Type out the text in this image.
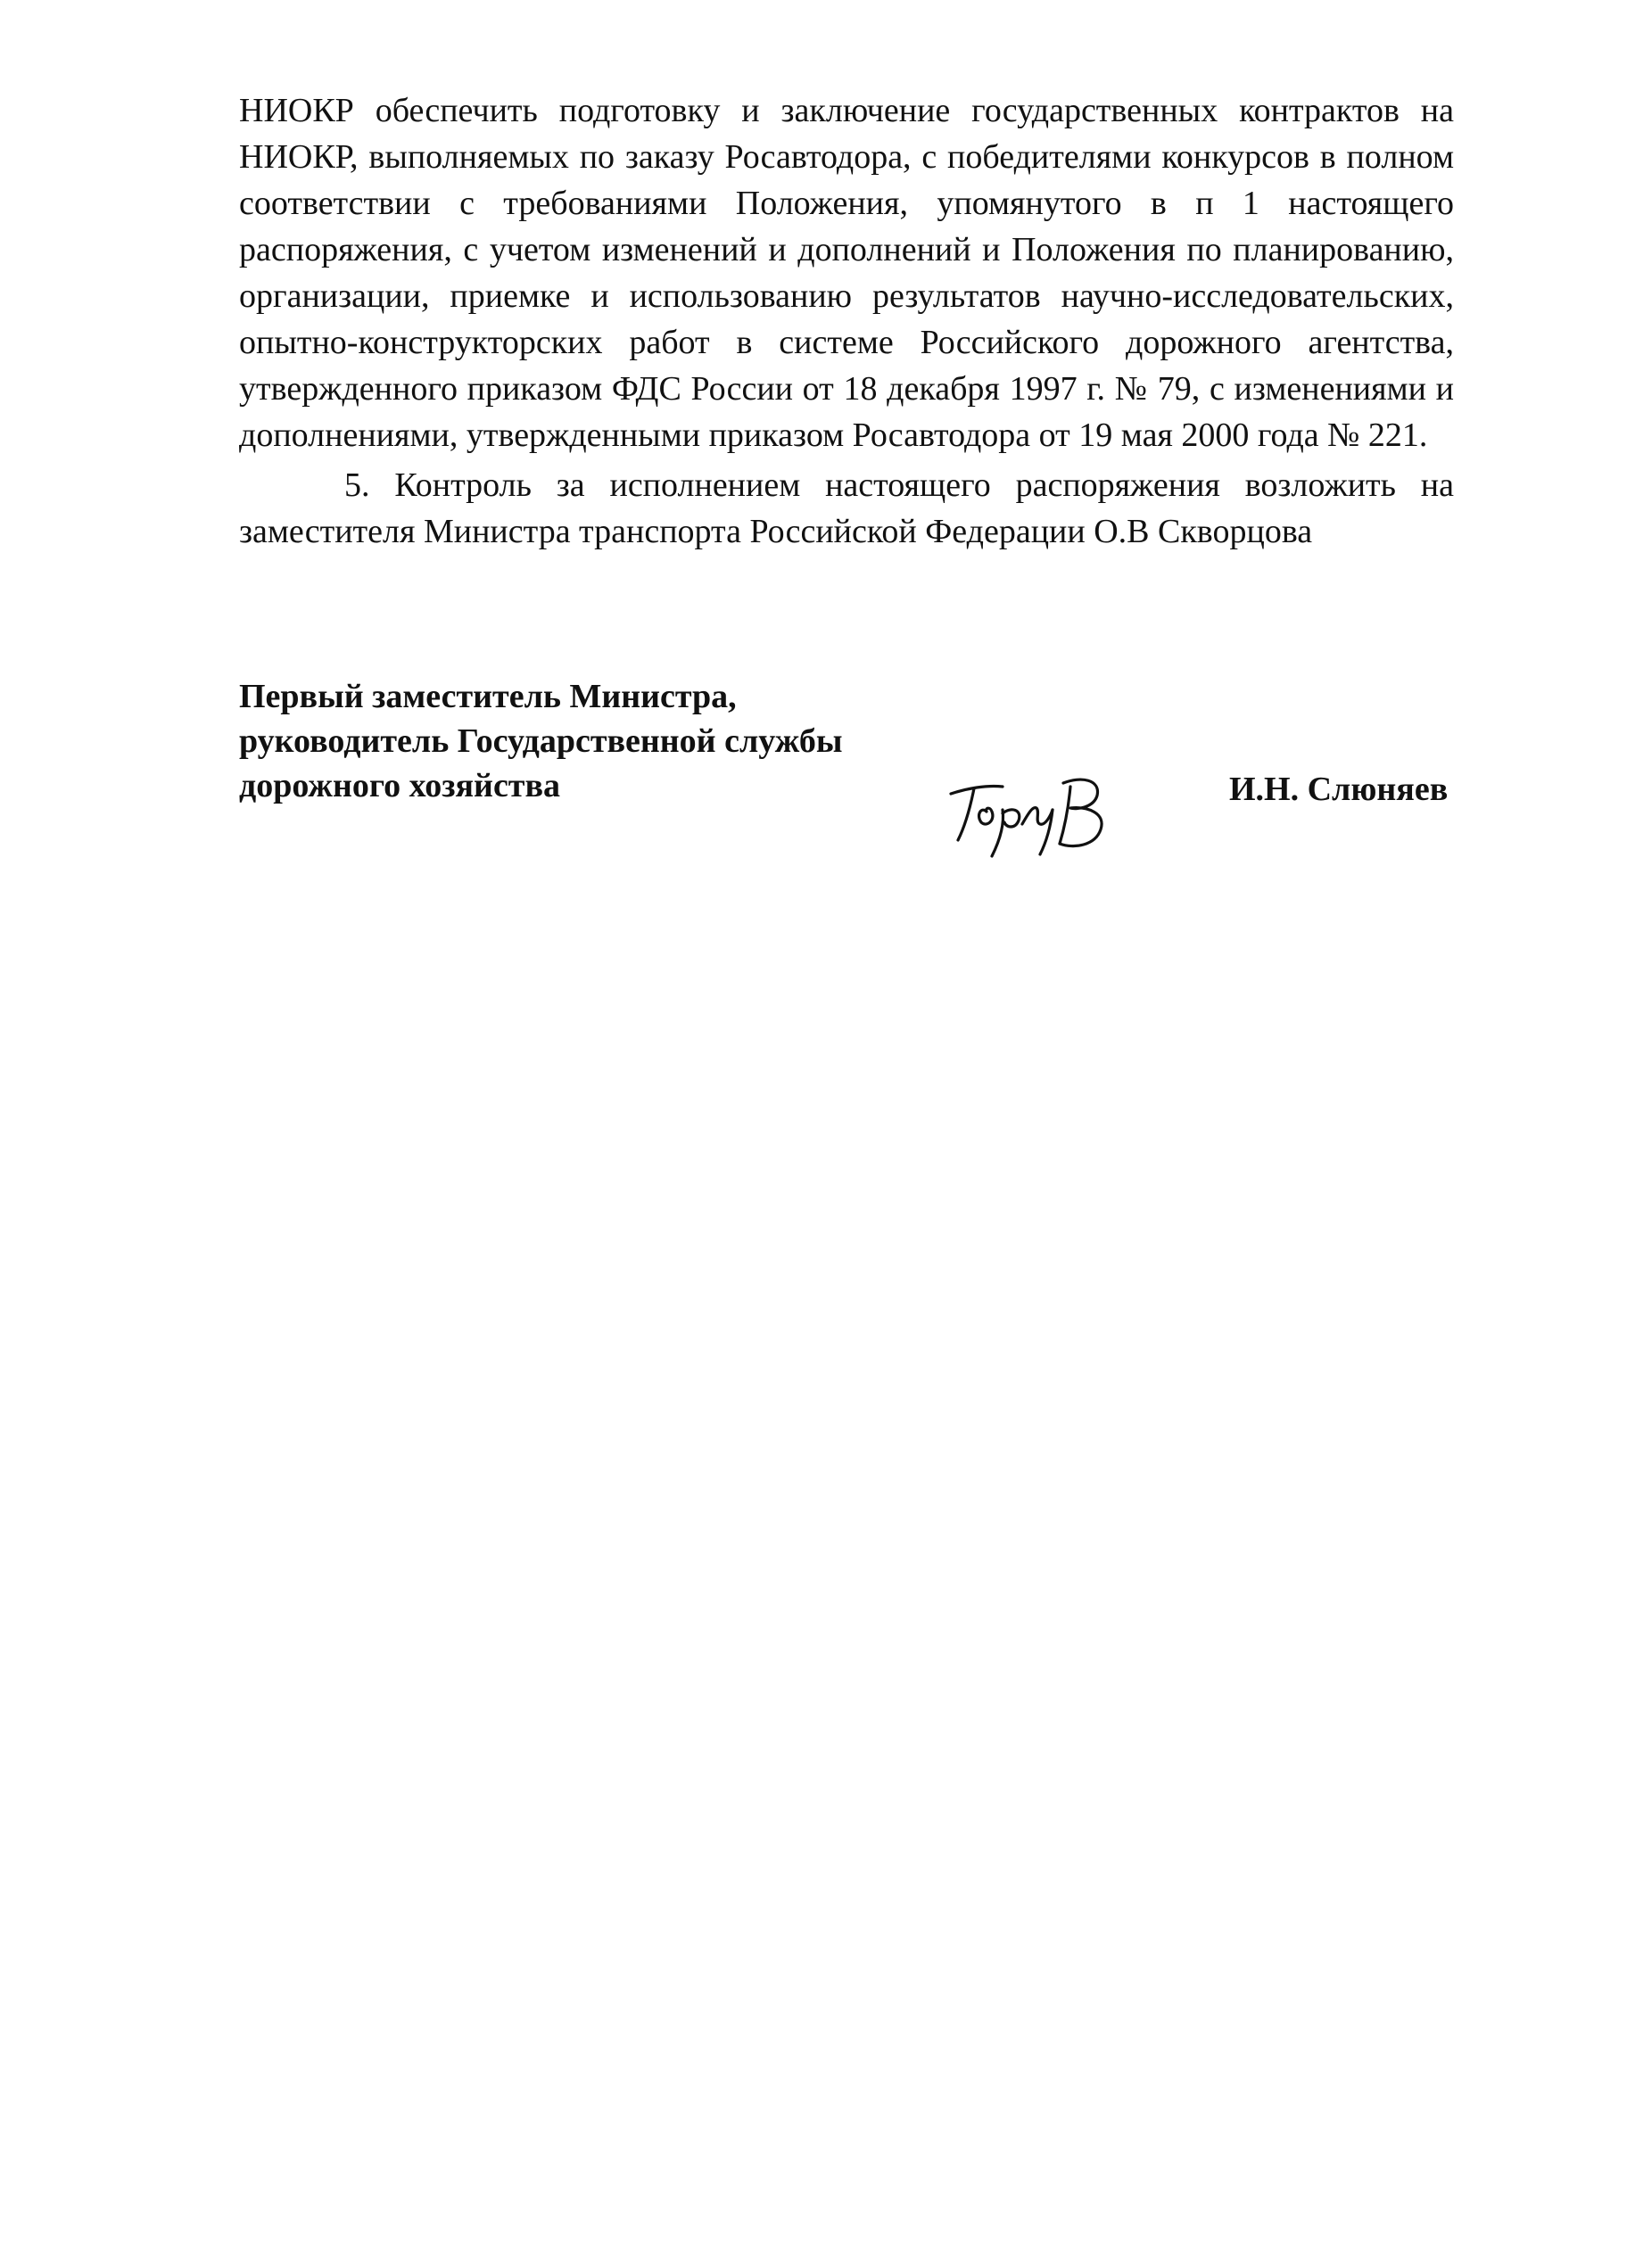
НИОКР обеспечить подготовку и заключение государственных контрактов на НИОКР, выполняемых по заказу Росавтодора, с победителями конкурсов в полном соответствии с требованиями Положения, упомянутого в п 1 настоящего распоряжения, с учетом изменений и дополнений и Положения по планированию, организации, приемке и использованию результатов научно-исследовательских, опытно-конструкторских работ в системе Российского дорожного агентства, утвержденного приказом ФДС России от 18 декабря 1997 г. № 79, с изменениями и дополнениями, утвержденными приказом Росавтодора от 19 мая 2000 года № 221.

5. Контроль за исполнением настоящего распоряжения возложить на заместителя Министра транспорта Российской Федерации О.В Скворцова

Первый заместитель Министра,
руководитель Государственной службы
дорожного хозяйства	И.Н. Слюняев
